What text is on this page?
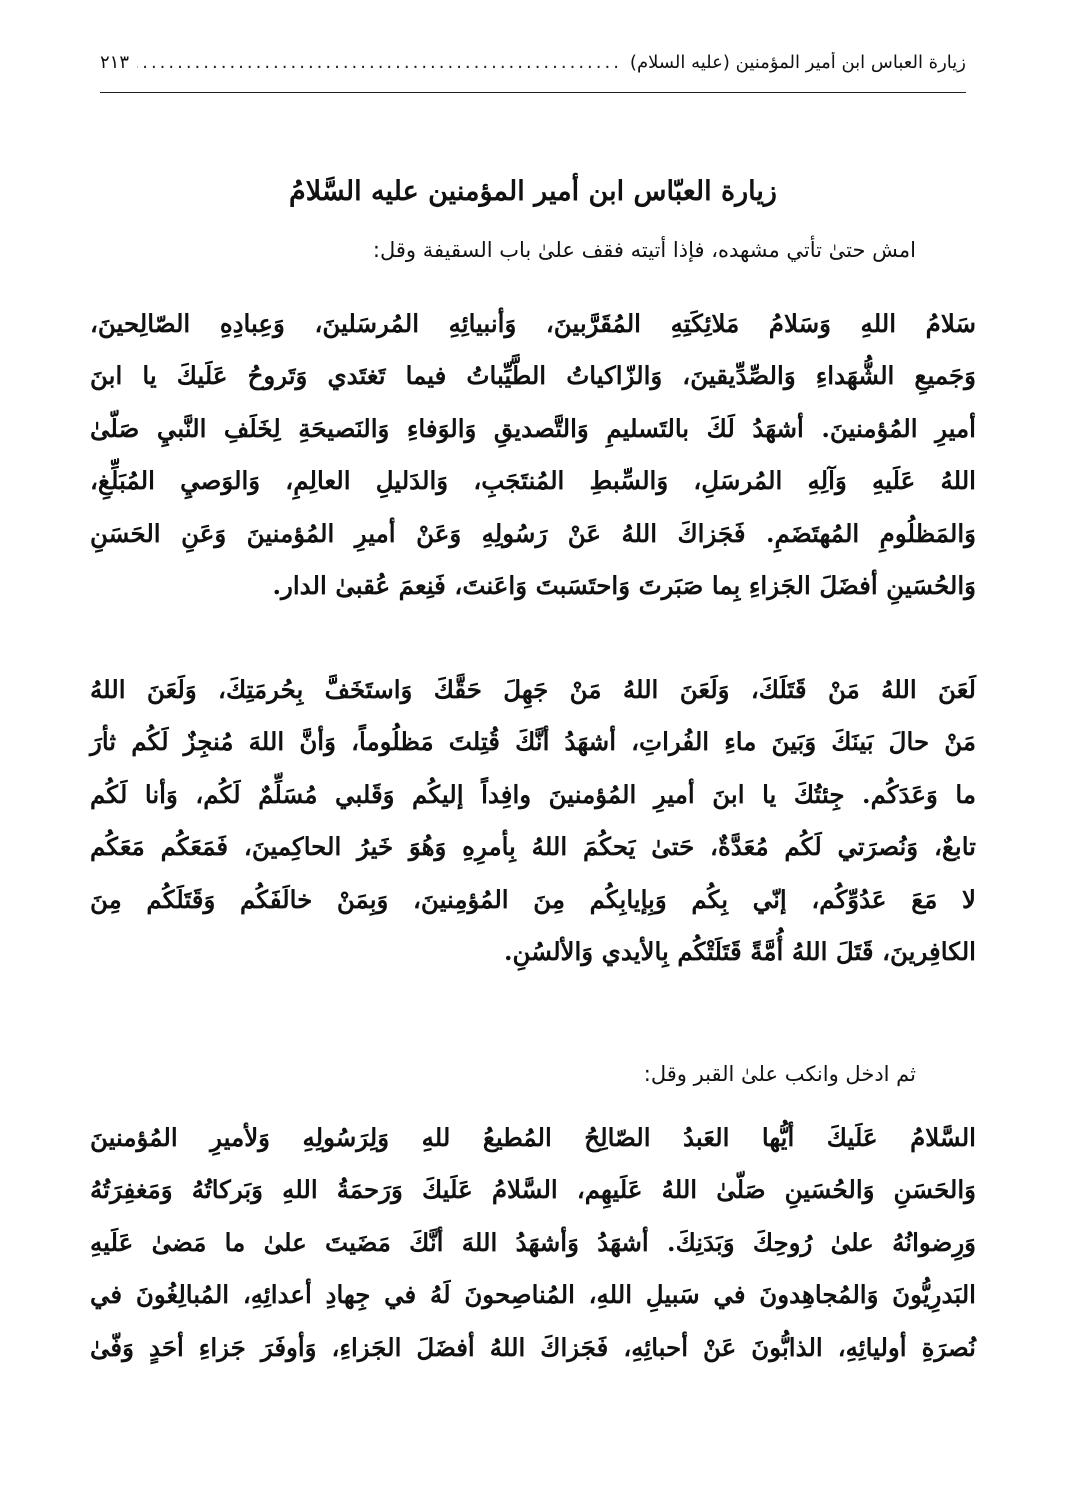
زيارة العباس ابن أمير المؤمنين (عليه السلام)
.....
٢١٣
زيارة العبّاس ابن أمير المؤمنين عليه السَّلامُ
امش حتىٰ تأتي مشهده، فإذا أتيته فقف علىٰ باب السقيفة وقل:
سَلامُ اللهِ وَسَلامُ مَلائِكَتِهِ المُقَرَّبينَ، وَأنبيائِهِ المُرسَلينَ، وَعِبادِهِ الصّالِحينَ،
وَجَميعِ الشُّهَداءِ وَالصِّدِّيقينَ، وَالزّاكياتُ الطَّيِّباتُ فيما تَغتَدي وَتَروحُ عَلَيكَ يا ابنَ
أميرِ المُؤمنينَ. أشهَدُ لَكَ بالتَسليمِ وَالتَّصديقِ وَالوَفاءِ وَالنَصيحَةِ لِخَلَفِ النَّبيِ صَلّىٰ
اللهُ عَلَيهِ وَآلِهِ المُرسَلِ، وَالسِّبطِ المُنتَجَبِ، وَالدَليلِ العالِمِ، وَالوَصيِ المُبَلِّغِ،
وَالمَظلُومِ المُهتَضَمِ. فَجَزاكَ اللهُ عَنْ رَسُولِهِ وَعَنْ أميرِ المُؤمنينَ وَعَنِ الحَسَنِ
وَالحُسَينِ أفضَلَ الجَزاءِ بِما صَبَرتَ وَاحتَسَبتَ وَاعَنتَ، فَنِعمَ عُقبىٰ الدار.
لَعَنَ اللهُ مَنْ قَتَلَكَ، وَلَعَنَ اللهُ مَنْ جَهِلَ حَقَّكَ وَاستَخَفَّ بِحُرمَتِكَ، وَلَعَنَ اللهُ
مَنْ حالَ بَينَكَ وَبَينَ ماءِ الفُراتِ، أشهَدُ أنَّكَ قُتِلتَ مَظلُوماً، وَأنَّ اللهَ مُنجِزٌ لَكُم ثأرَ
ما وَعَدَكُم. جِئتُكَ يا ابنَ أميرِ المُؤمنينَ وافِداً إليكُم وَقَلبي مُسَلِّمٌ لَكُم، وَأنا لَكُم
تابعٌ، وَنُصرَتي لَكُم مُعَدَّةٌ، حَتىٰ يَحكُمَ اللهُ بِأمرِهِ وَهُوَ خَيرُ الحاكِمينَ، فَمَعَكُم مَعَكُم
لا مَعَ عَدُوِّكُم، إنّي بِكُم وَبِإيابِكُم مِنَ المُؤمِنينَ، وَبِمَنْ خالَفَكُم وَقَتَلَكُم مِنَ
الكافِرينَ، قَتَلَ اللهُ أُمَّةً قَتَلَتْكُم بِالأيدي وَالألسُنِ.
ثم ادخل وانكب علىٰ القبر وقل:
السَّلامُ عَلَيكَ أيُّها العَبدُ الصّالِحُ المُطيعُ للهِ وَلِرَسُولِهِ وَلأميرِ المُؤمنينَ
وَالحَسَنِ وَالحُسَينِ صَلّىٰ اللهُ عَلَيهِم، السَّلامُ عَلَيكَ وَرَحمَةُ اللهِ وَبَركاتُهُ وَمَغفِرَتُهُ
وَرِضوانُهُ علىٰ رُوحِكَ وَبَدَنِكَ. أشهَدُ وَأشهَدُ اللهَ أنَّكَ مَضَيتَ علىٰ ما مَضىٰ عَلَيهِ
البَدرِيُّونَ وَالمُجاهِدونَ في سَبيلِ اللهِ، المُناصِحونَ لَهُ في جِهادِ أعدائِهِ، المُبالِغُونَ في
نُصرَةِ أوليائِهِ، الذابُّونَ عَنْ أحبائِهِ، فَجَزاكَ اللهُ أفضَلَ الجَزاءِ، وَأوفَرَ جَزاءِ أحَدٍ وَفّىٰ
